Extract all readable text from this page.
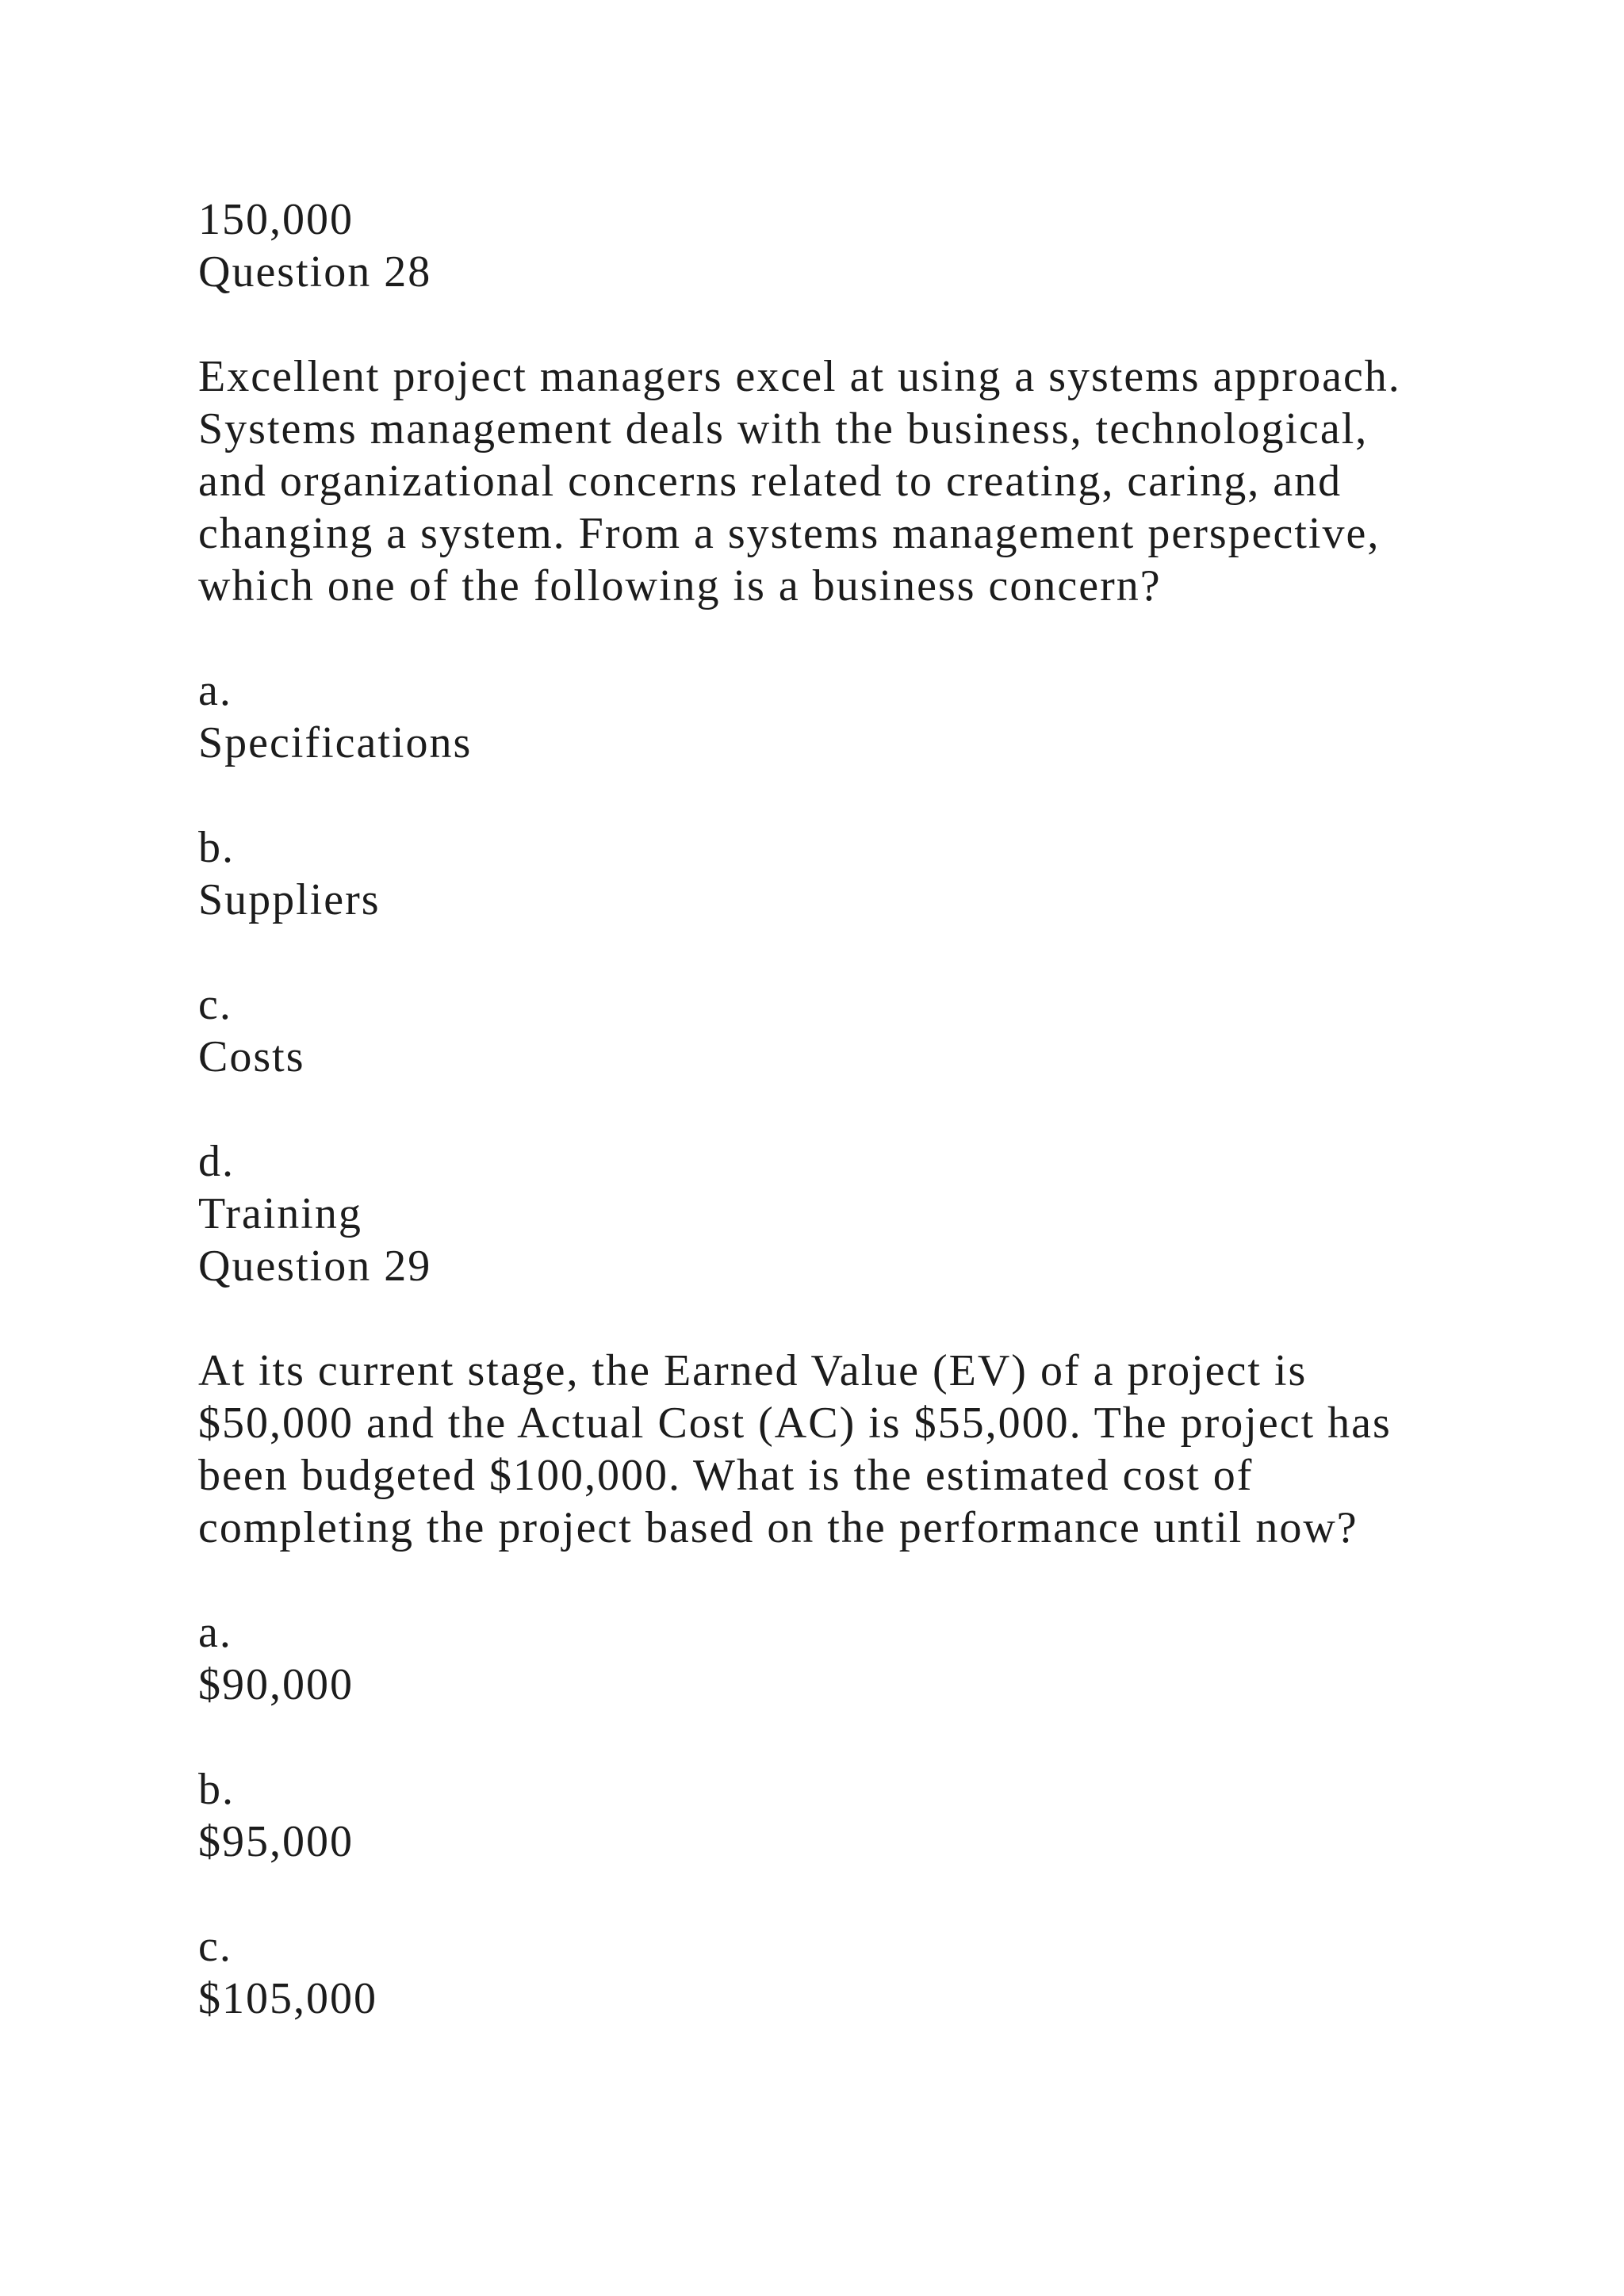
150,000
Question 28
Excellent project managers excel at using a systems approach.
Systems management deals with the business, technological,
and organizational concerns related to creating, caring, and
changing a system. From a systems management perspective,
which one of the following is a business concern?
a.
Specifications
b.
Suppliers
c.
Costs
d.
Training
Question 29
At its current stage, the Earned Value (EV) of a project is
$50,000 and the Actual Cost (AC) is $55,000. The project has
been budgeted $100,000. What is the estimated cost of
completing the project based on the performance until now?
a.
$90,000
b.
$95,000
c.
$105,000
